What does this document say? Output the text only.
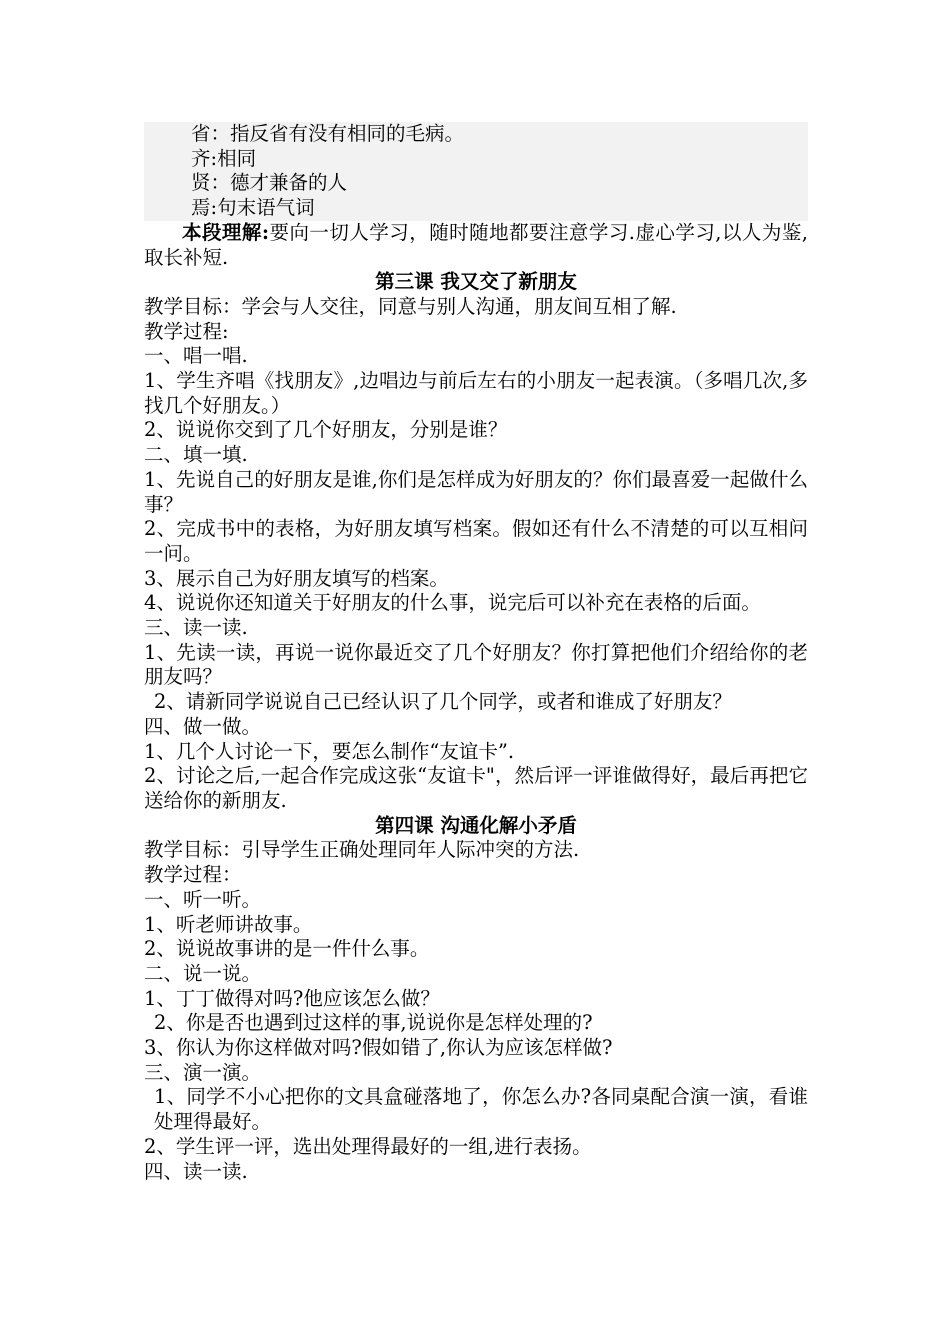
省：指反省有没有相同的毛病。
齐:相同
贤：德才兼备的人
焉:句末语气词
本段理解:要向一切人学习，随时随地都要注意学习.虚心学习,以人为鉴,取长补短.
第三课 我又交了新朋友
教学目标：学会与人交往，同意与别人沟通，朋友间互相了解.
教学过程:
一、唱一唱.
1、学生齐唱《找朋友》,边唱边与前后左右的小朋友一起表演。（多唱几次,多找几个好朋友。）
2、说说你交到了几个好朋友，分别是谁？
二、填一填.
1、先说自己的好朋友是谁,你们是怎样成为好朋友的？你们最喜爱一起做什么事？
2、完成书中的表格，为好朋友填写档案。假如还有什么不清楚的可以互相问一问。
3、展示自己为好朋友填写的档案。
4、说说你还知道关于好朋友的什么事，说完后可以补充在表格的后面。
三、读一读.
1、先读一读，再说一说你最近交了几个好朋友？你打算把他们介绍给你的老朋友吗？
2、请新同学说说自己已经认识了几个同学，或者和谁成了好朋友？
四、做一做。
1、几个人讨论一下，要怎么制作“友谊卡”.
2、讨论之后,一起合作完成这张“友谊卡"，然后评一评谁做得好，最后再把它送给你的新朋友.
第四课 沟通化解小矛盾
教学目标：引导学生正确处理同年人际冲突的方法.
教学过程：
一、听一听。
1、听老师讲故事。
2、说说故事讲的是一件什么事。
二、说一说。
1、丁丁做得对吗?他应该怎么做？
2、你是否也遇到过这样的事,说说你是怎样处理的?
3、你认为你这样做对吗?假如错了,你认为应该怎样做?
三、演一演。
1、同学不小心把你的文具盒碰落地了，你怎么办?各同桌配合演一演，看谁处理得最好。
2、学生评一评，选出处理得最好的一组,进行表扬。
四、读一读.
